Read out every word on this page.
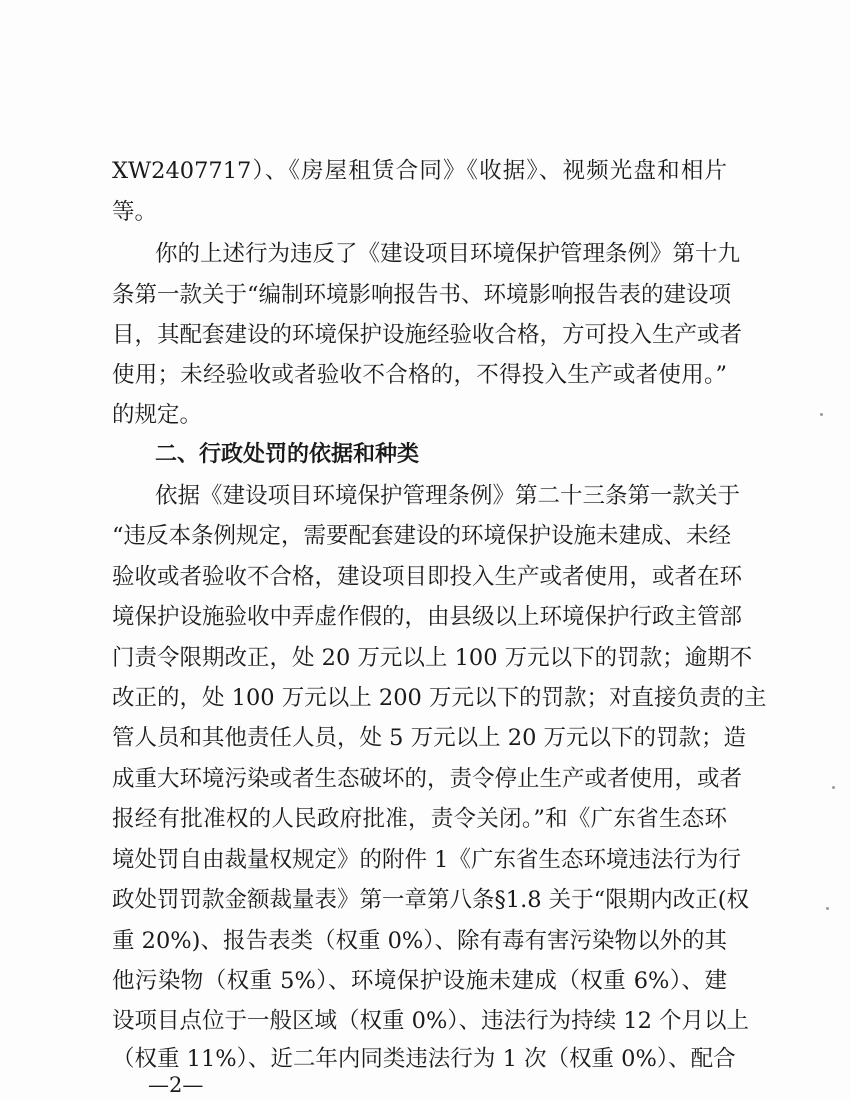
XW2407717）、《房屋租赁合同》《收据》、视频光盘和相片
等。
你的上述行为违反了《建设项目环境保护管理条例》第十九
条第一款关于“编制环境影响报告书、环境影响报告表的建设项
目，其配套建设的环境保护设施经验收合格，方可投入生产或者
使用；未经验收或者验收不合格的，不得投入生产或者使用。”
的规定。
二、行政处罚的依据和种类
依据《建设项目环境保护管理条例》第二十三条第一款关于
“违反本条例规定，需要配套建设的环境保护设施未建成、未经
验收或者验收不合格，建设项目即投入生产或者使用，或者在环
境保护设施验收中弄虚作假的，由县级以上环境保护行政主管部
门责令限期改正，处 20 万元以上 100 万元以下的罚款；逾期不
改正的，处 100 万元以上 200 万元以下的罚款；对直接负责的主
管人员和其他责任人员，处 5 万元以上 20 万元以下的罚款；造
成重大环境污染或者生态破坏的，责令停止生产或者使用，或者
报经有批准权的人民政府批准，责令关闭。”和《广东省生态环
境处罚自由裁量权规定》的附件 1《广东省生态环境违法行为行
政处罚罚款金额裁量表》第一章第八条§1.8 关于“限期内改正(权
重 20%)、报告表类（权重 0%）、除有毒有害污染物以外的其
他污染物（权重 5%）、环境保护设施未建成（权重 6%）、建
设项目点位于一般区域（权重 0%）、违法行为持续 12 个月以上
（权重 11%）、近二年内同类违法行为 1 次（权重 0%）、配合
—2—
